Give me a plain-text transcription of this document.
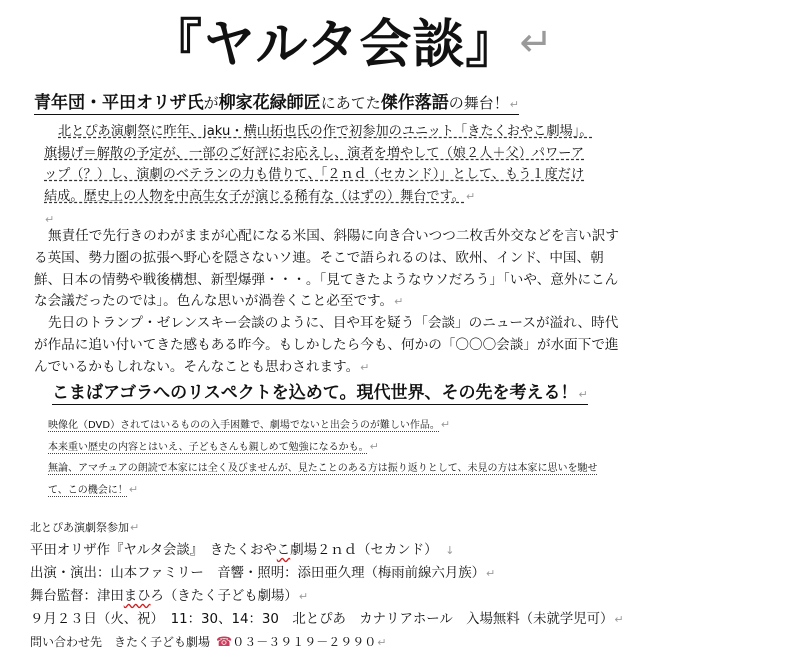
『ヤルタ会談』↵
青年団・平田オリザ氏が柳家花緑師匠にあてた傑作落語の舞台！↵
北とぴあ演劇祭に昨年、jaku・横山拓也氏の作で初参加のユニット「きたくおやこ劇場」。
旗揚げ＝解散の予定が、一部のご好評にお応えし、演者を増やして（娘２人＋父）パワーア
ップ（？）し、演劇のベテランの力も借りて、「２ｎｄ（セカンド）」として、もう１度だけ
結成。歴史上の人物を中高生女子が演じる稀有な（はずの）舞台です。↵
↵
無責任で先行きのわがままが心配になる米国、斜陽に向き合いつつ二枚舌外交などを言い訳す
る英国、勢力圏の拡張へ野心を隠さないソ連。そこで語られるのは、欧州、インド、中国、朝
鮮、日本の情勢や戦後構想、新型爆弾・・・。「見てきたようなウソだろう」「いや、意外にこん
な会議だったのでは」。色んな思いが渦巻くこと必至です。↵
先日のトランプ・ゼレンスキー会談のように、目や耳を疑う「会談」のニュースが溢れ、時代
が作品に追い付いてきた感もある昨今。もしかしたら今も、何かの「〇〇〇会談」が水面下で進
んでいるかもしれない。そんなことも思わされます。↵
こまばアゴラへのリスペクトを込めて。現代世界、その先を考える！↵
映像化（DVD）されてはいるものの入手困難で、劇場でないと出会うのが難しい作品。↵
本来重い歴史の内容とはいえ、子どもさんも親しめて勉強になるかも。↵
無論、アマチュアの朗読で本家には全く及びませんが、見たことのある方は振り返りとして、未見の方は本家に思いを馳せ
て、この機会に！↵
北とぴあ演劇祭参加↵
平田オリザ作『ヤルタ会談』　きたくおやこ劇場２ｎｄ（セカンド）　 ↓
出演・演出：山本ファミリー　音響・照明：添田亜久理（梅雨前線六月族）↵
舞台監督：津田まひろ（きたく子ども劇場）↵
９月２３日（火、祝）　11：30、14：30　北とぴあ　カナリアホール　入場無料（未就学児可）↵
問い合わせ先　きたく子ども劇場 ☎０３－３９１９－２９９０↵
